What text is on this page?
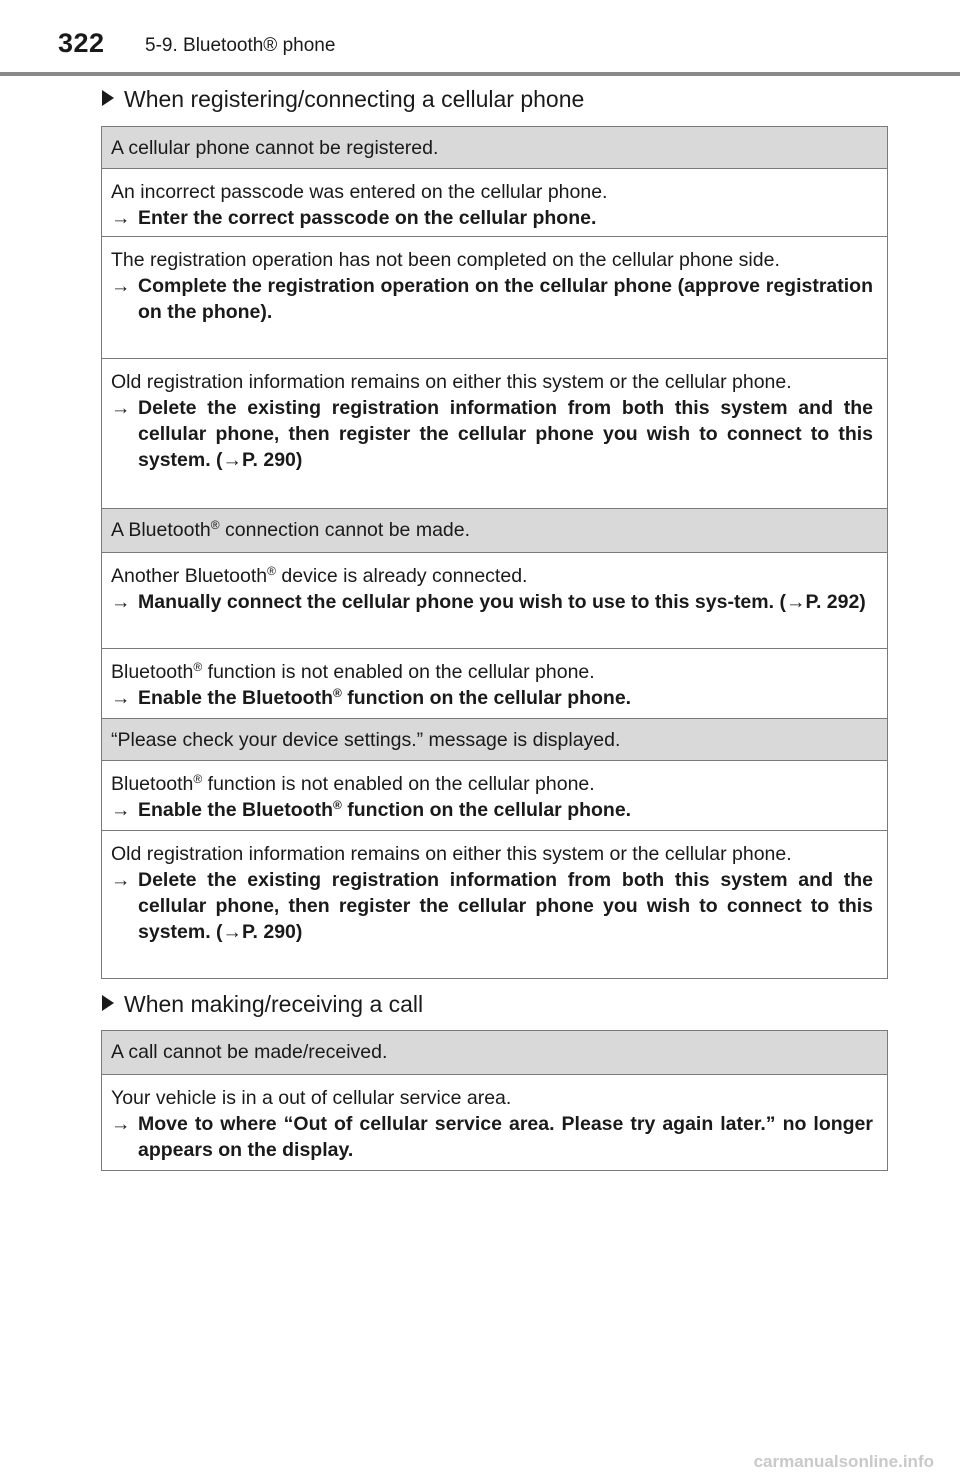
322 5-9. Bluetooth® phone
When registering/connecting a cellular phone
A cellular phone cannot be registered.
An incorrect passcode was entered on the cellular phone.
→ Enter the correct passcode on the cellular phone.
The registration operation has not been completed on the cellular phone side.
→ Complete the registration operation on the cellular phone (approve registration on the phone).
Old registration information remains on either this system or the cellular phone.
→ Delete the existing registration information from both this system and the cellular phone, then register the cellular phone you wish to connect to this system. (→P. 290)
A Bluetooth® connection cannot be made.
Another Bluetooth® device is already connected.
→ Manually connect the cellular phone you wish to use to this sys-tem. (→P. 292)
Bluetooth® function is not enabled on the cellular phone.
→ Enable the Bluetooth® function on the cellular phone.
“Please check your device settings.” message is displayed.
Bluetooth® function is not enabled on the cellular phone.
→ Enable the Bluetooth® function on the cellular phone.
Old registration information remains on either this system or the cellular phone.
→ Delete the existing registration information from both this system and the cellular phone, then register the cellular phone you wish to connect to this system. (→P. 290)
When making/receiving a call
A call cannot be made/received.
Your vehicle is in a out of cellular service area.
→ Move to where “Out of cellular service area. Please try again later.” no longer appears on the display.
carmanualsonline.info
